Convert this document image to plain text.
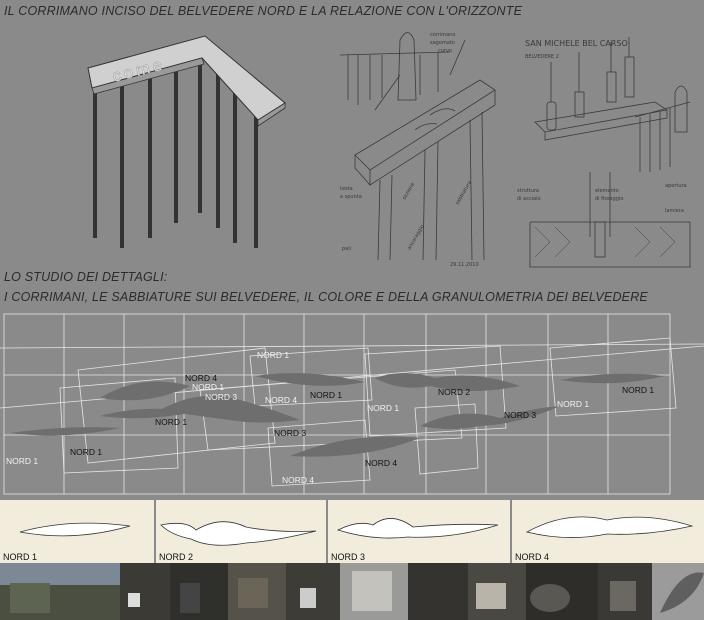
IL CORRIMANO INCISO DEL BELVEDERE NORD E LA RELAZIONE CON L'ORIZZONTE
come
corrimano
sagomato
curvo
testa
a spunta	sezione	sabbiatura
ancoraggio
pali
29.11.2010
SAN MICHELE BEL CARSO
BELVEDERE 2
struttura
di acciaio
elemento
di fissaggio
apertura
lamiera
LO STUDIO DEI DETTAGLI:
I CORRIMANI, LE SABBIATURE SUI BELVEDERE, IL COLORE E DELLA GRANULOMETRIA DEI BELVEDERE
NORD 1
NORD 4
NORD 1
NORD 3	NORD 4 NORD 1	NORD 2
NORD 1
NORD 1
NORD 3
NORD 1
NORD 3
NORD 1
NORD 1	NORD 4
NORD 1
NORD 4
NORD 1	NORD 2	NORD 3	NORD 4
